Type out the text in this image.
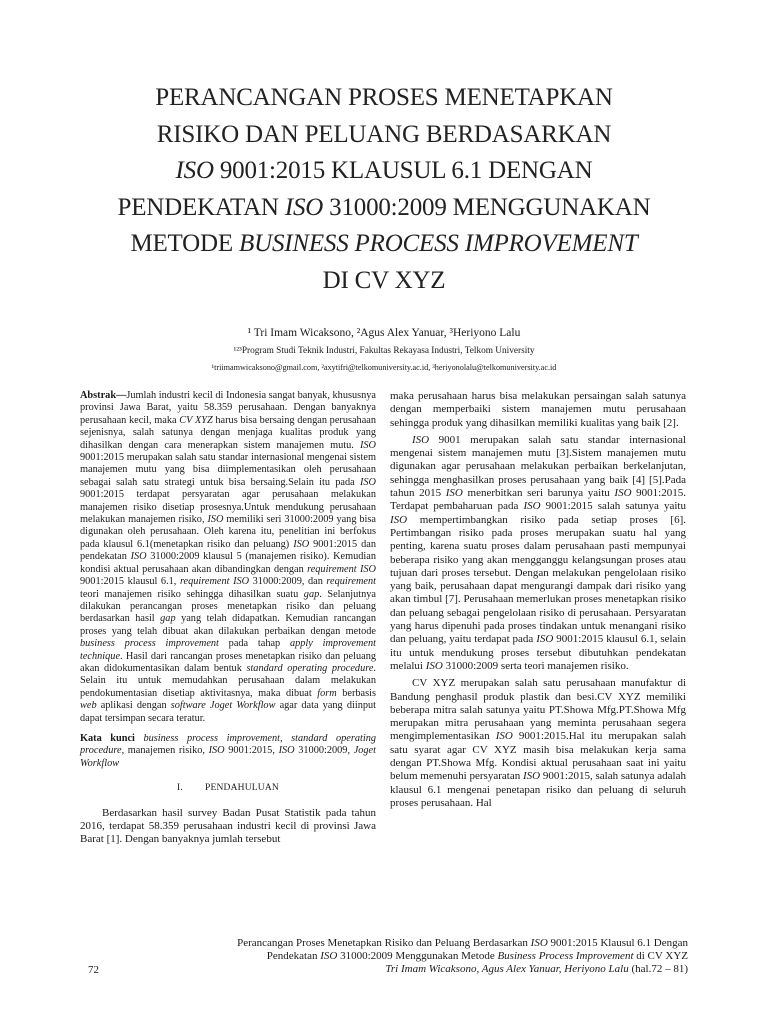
PERANCANGAN PROSES MENETAPKAN
RISIKO DAN PELUANG BERDASARKAN
ISO 9001:2015 KLAUSUL 6.1 DENGAN
PENDEKATAN ISO 31000:2009 MENGGUNAKAN
METODE BUSINESS PROCESS IMPROVEMENT
DI CV XYZ
¹ Tri Imam Wicaksono, ²Agus Alex Yanuar, ³Heriyono Lalu
¹²³Program Studi Teknik Industri, Fakultas Rekayasa Industri, Telkom University
¹triimamwicaksono@gmail.com, ²axytifri@telkomuniversity.ac.id, ³heriyonolalu@telkomuniversity.ac.id

Abstrak—Jumlah industri kecil di Indonesia sangat banyak, khususnya provinsi Jawa Barat, yaitu 58.359 perusahaan. Dengan banyaknya perusahaan kecil, maka CV XYZ harus bisa bersaing dengan perusahaan sejenisnya, salah satunya dengan menjaga kualitas produk yang dihasilkan dengan cara menerapkan sistem manajemen mutu. ISO 9001:2015 merupakan salah satu standar internasional mengenai sistem manajemen mutu yang bisa diimplementasikan oleh perusahaan sebagai salah satu strategi untuk bisa bersaing.Selain itu pada ISO 9001:2015 terdapat persyaratan agar perusahaan melakukan manajemen risiko disetiap prosesnya.Untuk mendukung perusahaan melakukan manajemen risiko, ISO memiliki seri 31000:2009 yang bisa digunakan oleh perusahaan. Oleh karena itu, penelitian ini berfokus pada klausul 6.1(menetapkan risiko dan peluang) ISO 9001:2015 dan pendekatan ISO 31000:2009 klausul 5 (manajemen risiko). Kemudian kondisi aktual perusahaan akan dibandingkan dengan requirement ISO 9001:2015 klausul 6.1, requirement ISO 31000:2009, dan requirement teori manajemen risiko sehingga dihasilkan suatu gap. Selanjutnya dilakukan perancangan proses menetapkan risiko dan peluang berdasarkan hasil gap yang telah didapatkan. Kemudian rancangan proses yang telah dibuat akan dilakukan perbaikan dengan metode business process improvement pada tahap apply improvement technique. Hasil dari rancangan proses menetapkan risiko dan peluang akan didokumentasikan dalam bentuk standard operating procedure. Selain itu untuk memudahkan perusahaan dalam melakukan pendokumentasian disetiap aktivitasnya, maka dibuat form berbasis web aplikasi dengan software Joget Workflow agar data yang diinput dapat tersimpan secara teratur.

Kata kunci business process improvement, standard operating procedure, manajemen risiko, ISO 9001:2015, ISO 31000:2009, Joget Workflow

I. PENDAHULUAN

Berdasarkan hasil survey Badan Pusat Statistik pada tahun 2016, terdapat 58.359 perusahaan industri kecil di provinsi Jawa Barat [1]. Dengan banyaknya jumlah tersebut

maka perusahaan harus bisa melakukan persaingan salah satunya dengan memperbaiki sistem manajemen mutu perusahaan sehingga produk yang dihasilkan memiliki kualitas yang baik [2].

ISO 9001 merupakan salah satu standar internasional mengenai sistem manajemen mutu [3].Sistem manajemen mutu digunakan agar perusahaan melakukan perbaikan berkelanjutan, sehingga menghasilkan proses perusahaan yang baik [4] [5].Pada tahun 2015 ISO menerbitkan seri barunya yaitu ISO 9001:2015. Terdapat pembaharuan pada ISO 9001:2015 salah satunya yaitu ISO mempertimbangkan risiko pada setiap proses [6]. Pertimbangan risiko pada proses merupakan suatu hal yang penting, karena suatu proses dalam perusahaan pasti mempunyai beberapa risiko yang akan mengganggu kelangsungan proses atau tujuan dari proses tersebut. Dengan melakukan pengelolaan risiko yang baik, perusahaan dapat mengurangi dampak dari risiko yang akan timbul [7]. Perusahaan memerlukan proses menetapkan risiko dan peluang sebagai pengelolaan risiko di perusahaan. Persyaratan yang harus dipenuhi pada proses tindakan untuk menangani risiko dan peluang, yaitu terdapat pada ISO 9001:2015 klausul 6.1, selain itu untuk mendukung proses tersebut dibutuhkan pendekatan melalui ISO 31000:2009 serta teori manajemen risiko.

CV XYZ merupakan salah satu perusahaan manufaktur di Bandung penghasil produk plastik dan besi.CV XYZ memiliki beberapa mitra salah satunya yaitu PT.Showa Mfg.PT.Showa Mfg merupakan mitra perusahaan yang meminta perusahaan segera mengimplementasikan ISO 9001:2015.Hal itu merupakan salah satu syarat agar CV XYZ masih bisa melakukan kerja sama dengan PT.Showa Mfg. Kondisi aktual perusahaan saat ini yaitu belum memenuhi persyaratan ISO 9001:2015, salah satunya adalah klausul 6.1 mengenai penetapan risiko dan peluang di seluruh proses perusahaan. Hal

Perancangan Proses Menetapkan Risiko dan Peluang Berdasarkan ISO 9001:2015 Klausul 6.1 Dengan
Pendekatan ISO 31000:2009 Menggunakan Metode Business Process Improvement di CV XYZ
Tri Imam Wicaksono, Agus Alex Yanuar, Heriyono Lalu (hal.72 – 81)
72
